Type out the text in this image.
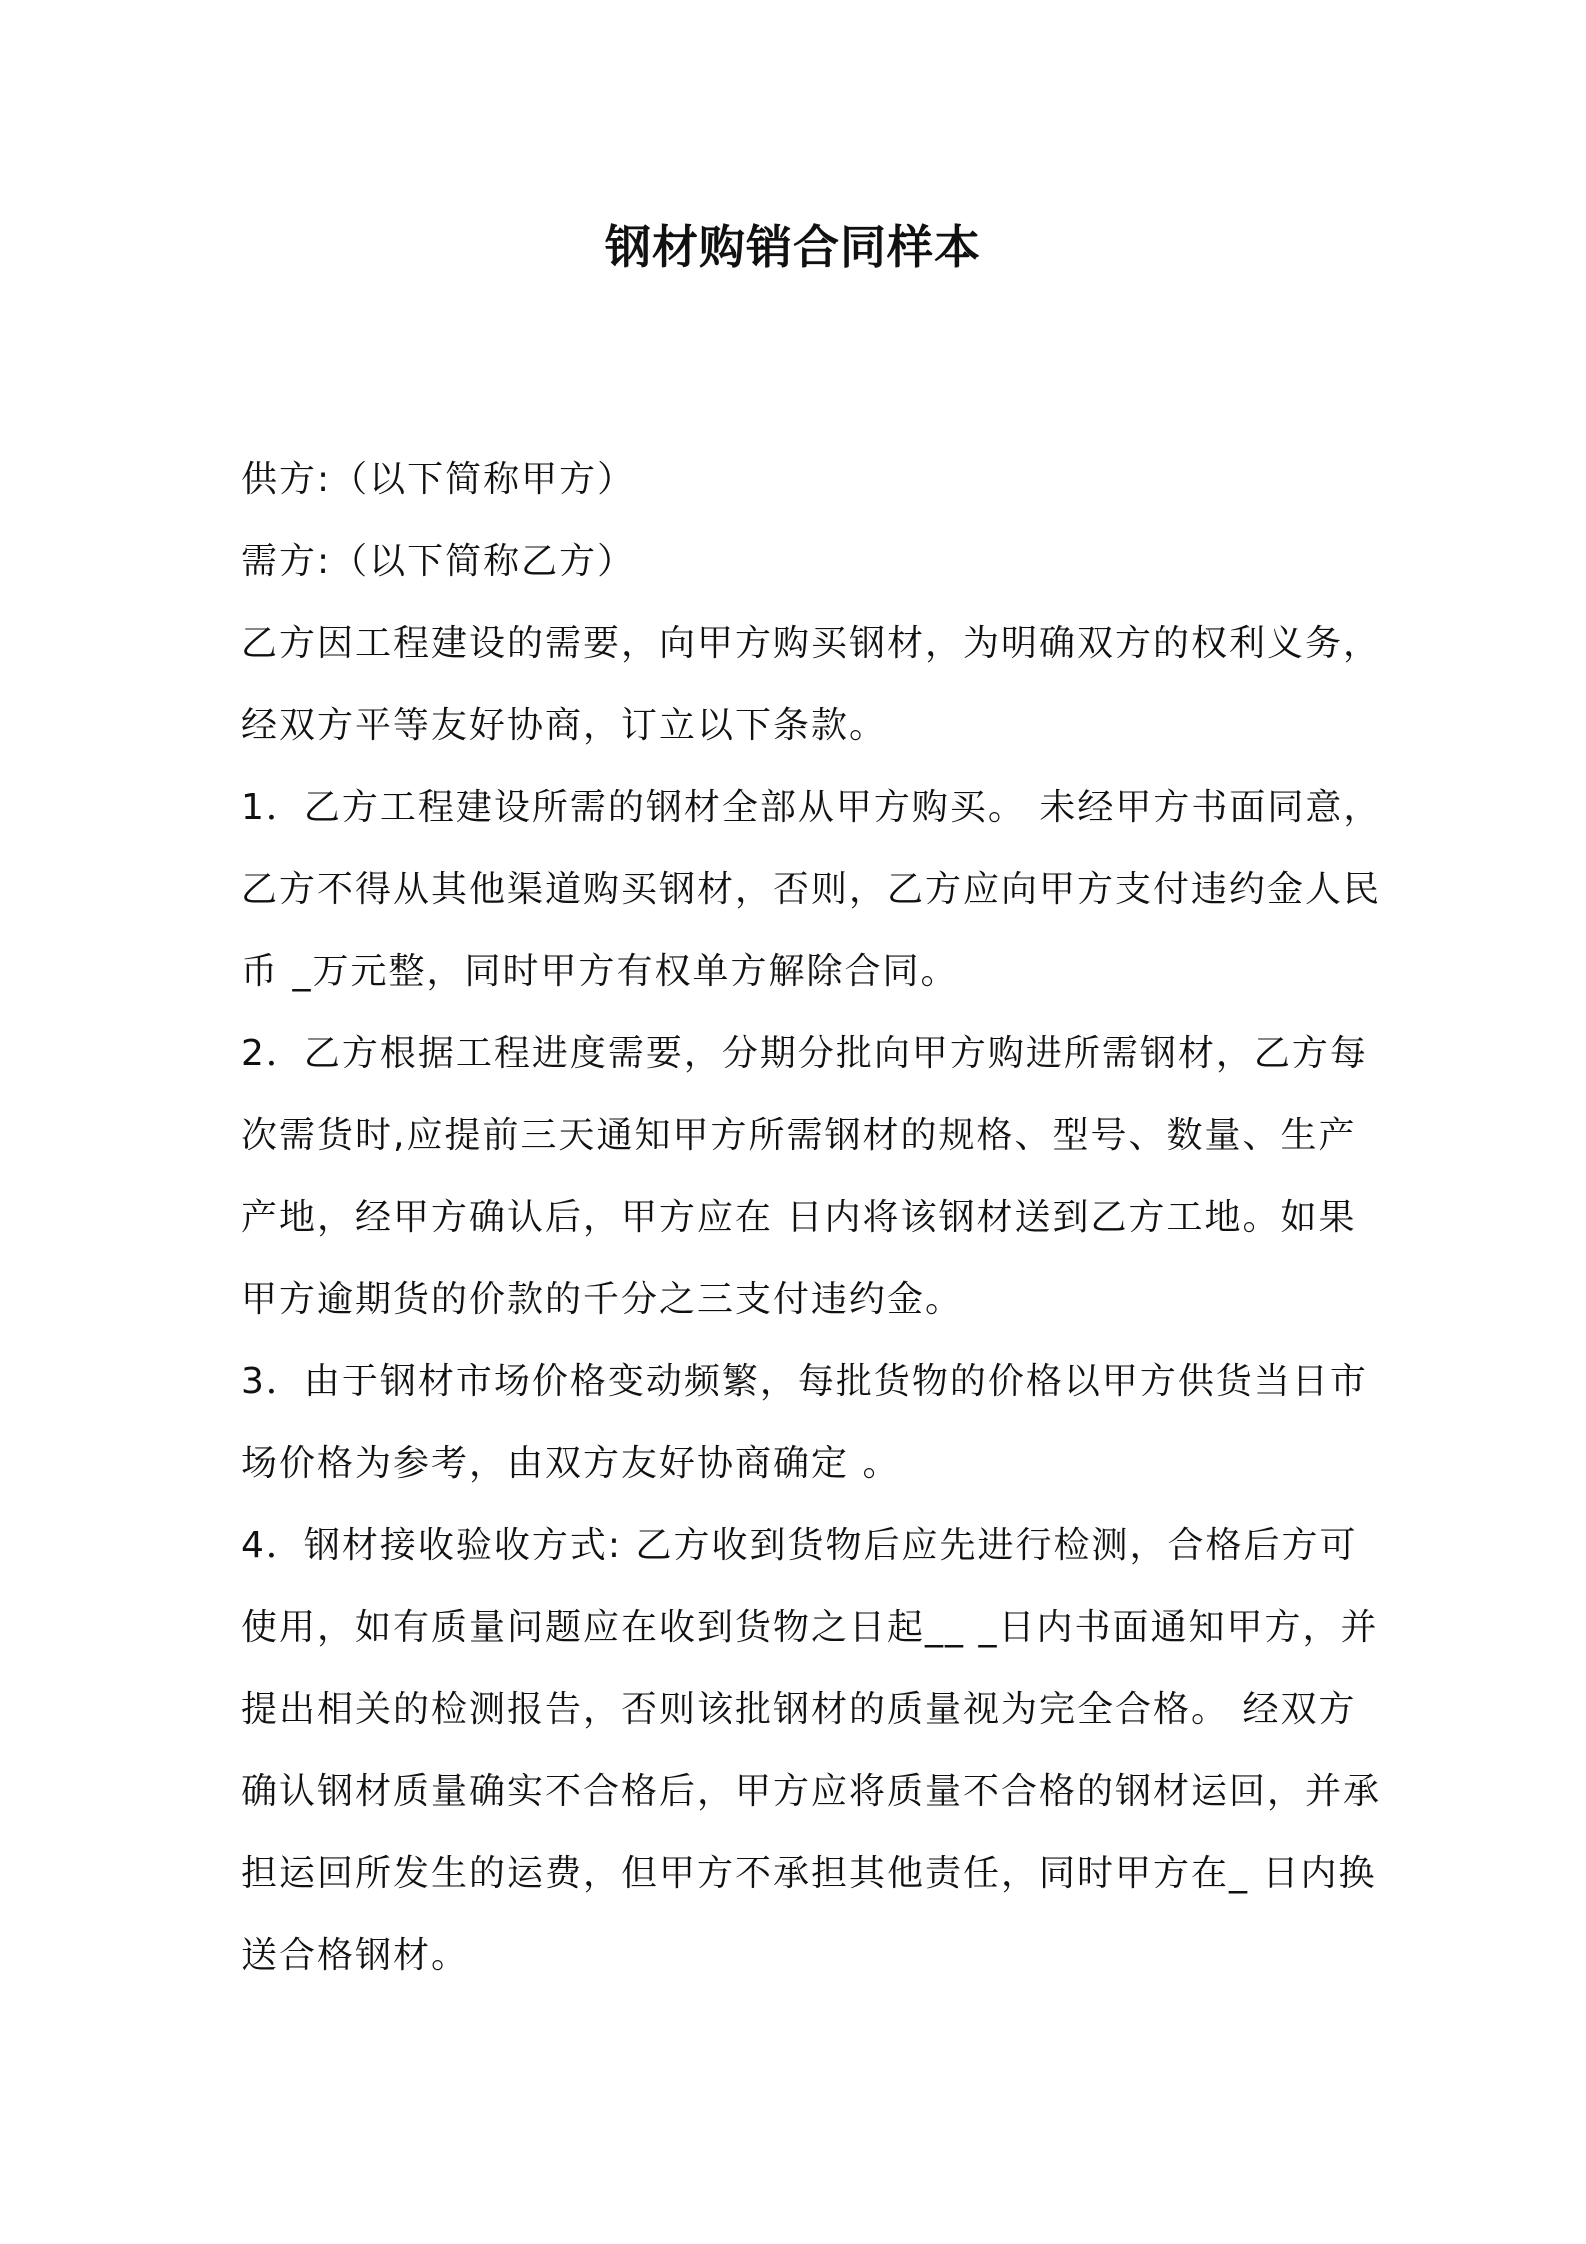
钢材购销合同样本

供方:（以下简称甲方）

需方:（以下简称乙方）

乙方因工程建设的需要，向甲方购买钢材，为明确双方的权利义务，

经双方平等友好协商，订立以下条款。

1．乙方工程建设所需的钢材全部从甲方购买。 未经甲方书面同意，

乙方不得从其他渠道购买钢材，否则，乙方应向甲方支付违约金人民

币 _万元整，同时甲方有权单方解除合同。

2．乙方根据工程进度需要，分期分批向甲方购进所需钢材，乙方每

次需货时,应提前三天通知甲方所需钢材的规格、型号、数量、生产

产地，经甲方确认后，甲方应在 日内将该钢材送到乙方工地。如果

甲方逾期货的价款的千分之三支付违约金。

3．由于钢材市场价格变动频繁，每批货物的价格以甲方供货当日市

场价格为参考，由双方友好协商确定 。

4．钢材接收验收方式: 乙方收到货物后应先进行检测，合格后方可

使用，如有质量问题应在收到货物之日起__ _日内书面通知甲方，并

提出相关的检测报告，否则该批钢材的质量视为完全合格。 经双方

确认钢材质量确实不合格后，甲方应将质量不合格的钢材运回，并承

担运回所发生的运费，但甲方不承担其他责任，同时甲方在_ 日内换

送合格钢材。
